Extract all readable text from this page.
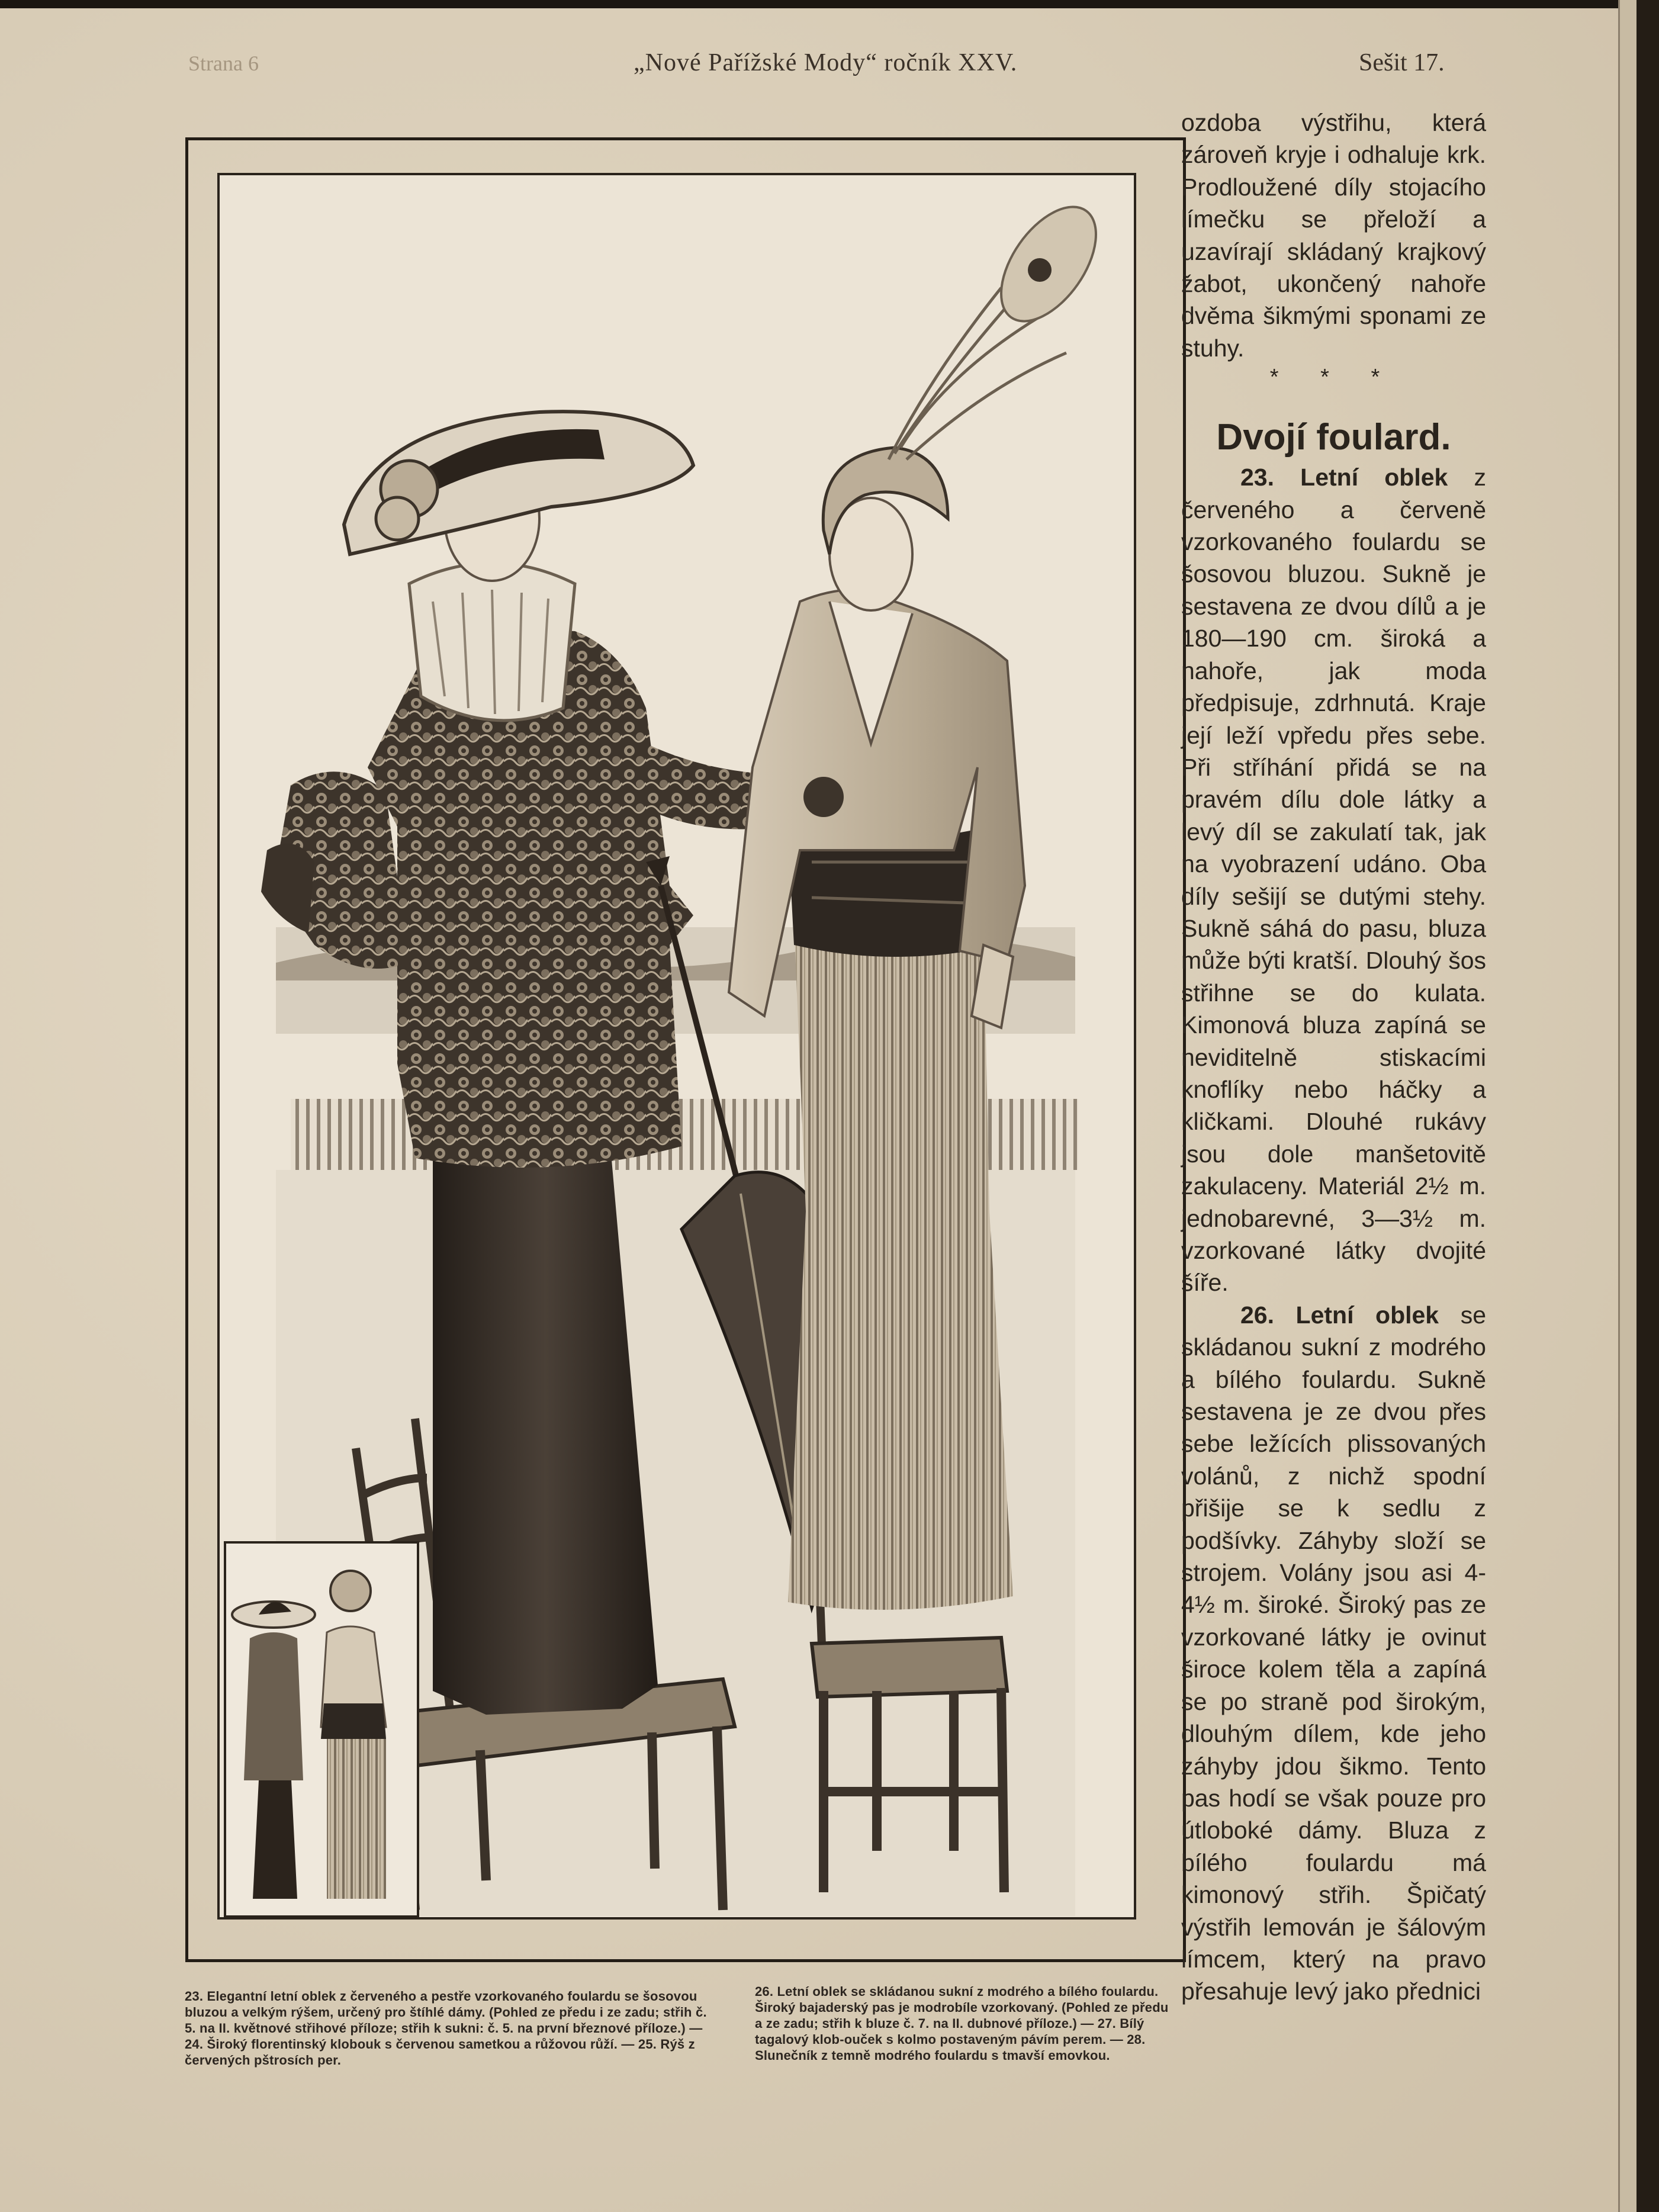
Strana 6	„Nové Pařížské Mody“ ročník XXV.	Sešit 17.
23. Elegantní letní oblek z červeného a pestře vzorkovaného foulardu se šosovou bluzou a velkým rýšem, určený pro štíhlé dámy. (Pohled ze předu i ze zadu; střih č. 5. na II. květnové střihové příloze; střih k sukni: č. 5. na první březnové příloze.) — 24. Široký florentinský klobouk s červenou sametkou a růžovou růží. — 25. Rýš z červených pštrosích per.
26. Letní oblek se skládanou sukní z modrého a bílého foulardu. Široký bajaderský pas je modrobíle vzorkovaný. (Pohled ze předu a ze zadu; střih k bluze č. 7. na II. dubnové příloze.) — 27. Bílý tagalový klob-ouček s kolmo postaveným pávím perem. — 28. Slunečník z temně modrého foulardu s tmavší emovkou.

ozdoba výstřihu, která zároveň kryje i odhaluje krk. Prodloužené díly stojacího límečku se přeloží a uzavírají skládaný krajkový žabot, ukončený nahoře dvěma šikmými sponami ze stuhy.

* * *
Dvojí foulard.

23. Letní oblek z červeného a červeně vzorkovaného foulardu se šosovou bluzou. Sukně je sestavena ze dvou dílů a je 180—190 cm. široká a nahoře, jak moda předpisuje, zdrhnutá. Kraje její leží vpředu přes sebe. Při stříhání přidá se na pravém dílu dole látky a levý díl se zakulatí tak, jak na vyobrazení udáno. Oba díly sešijí se dutými stehy. Sukně sáhá do pasu, bluza může býti kratší. Dlouhý šos střihne se do kulata. Kimonová bluza zapíná se neviditelně stiskacími knoflíky nebo háčky a kličkami. Dlouhé rukávy jsou dole manšetovitě zakulaceny. Materiál 2½ m. jednobarevné, 3—3½ m. vzorkované látky dvojité šíře.

26. Letní oblek se skládanou sukní z modrého a bílého foulardu. Sukně sestavena je ze dvou přes sebe ležících plissovaných volánů, z nichž spodní přišije se k sedlu z podšívky. Záhyby složí se strojem. Volány jsou asi 4-4½ m. široké. Široký pas ze vzorkované látky je ovinut široce kolem těla a zapíná se po straně pod širokým, dlouhým dílem, kde jeho záhyby jdou šikmo. Tento pas hodí se však pouze pro útloboké dámy. Bluza z bílého foulardu má kimonový střih. Špičatý výstřih lemován je šálovým límcem, který na pravo přesahuje levý jako přednici
